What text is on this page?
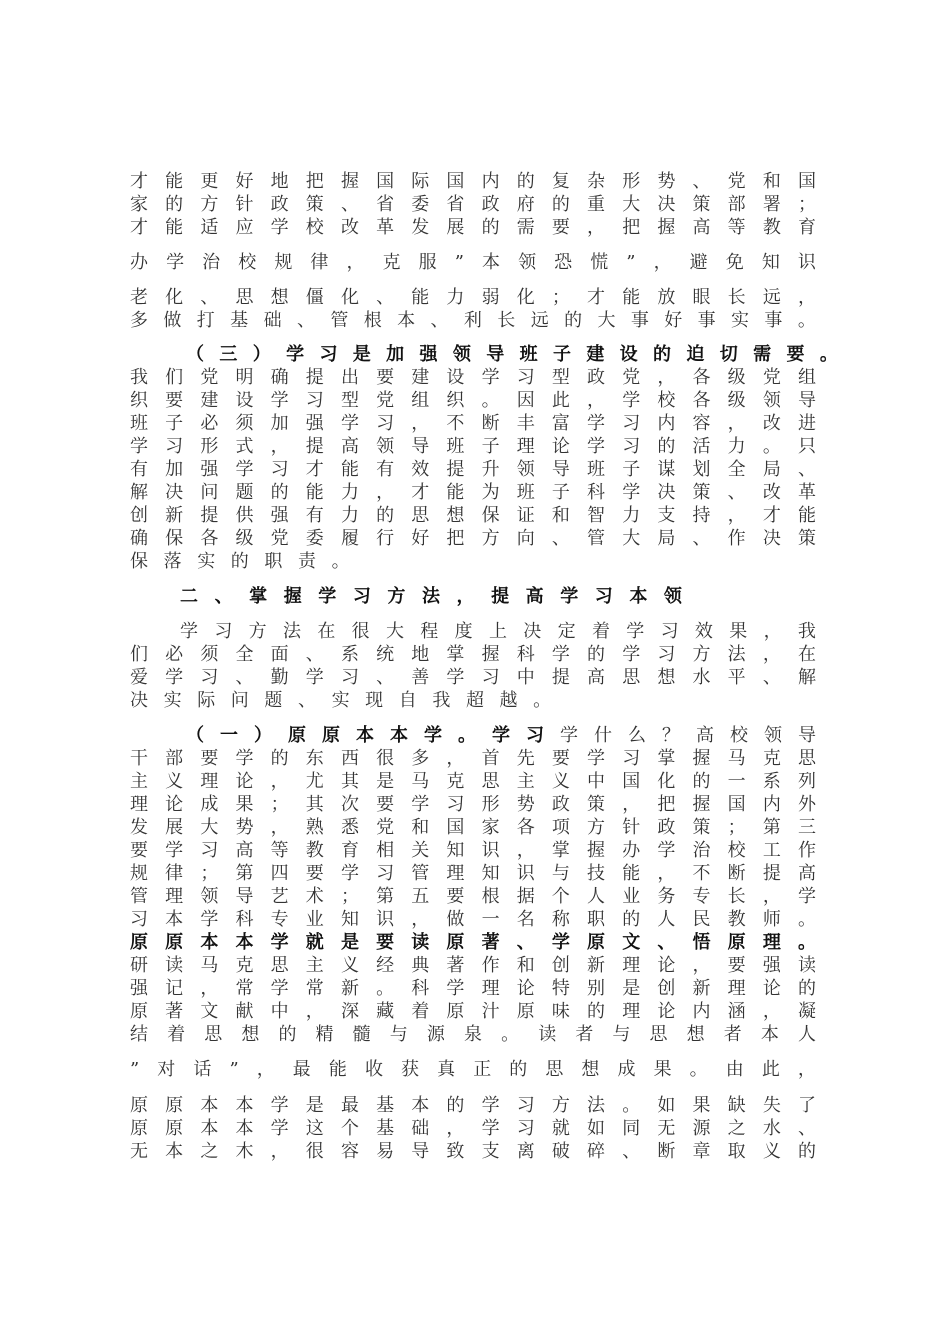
才 能 更 好 地 把 握 国 际 国 内 的 复 杂 形 势 、 党 和 国
家 的 方 针 政 策 、 省 委 省 政 府 的 重 大 决 策 部 署 ；
才 能 适 应 学 校 改 革 发 展 的 需 要 ， 把 握 高 等 教 育
办 学 治 校 规 律 ， 克 服 ” 本 领 恐 慌 ” ， 避 免 知 识
老 化 、 思 想 僵 化 、 能 力 弱 化 ； 才 能 放 眼 长 远 ，
多 做 打 基 础 、 管 根 本 、 利 长 远 的 大 事 好 事 实 事 。
（ 三 ） 学 习 是 加 强 领 导 班 子 建 设 的 迫 切 需 要 。
我 们 党 明 确 提 出 要 建 设 学 习 型 政 党 ， 各 级 党 组
织 要 建 设 学 习 型 党 组 织 。 因 此 ， 学 校 各 级 领 导
班 子 必 须 加 强 学 习 ， 不 断 丰 富 学 习 内 容 ， 改 进
学 习 形 式 ， 提 高 领 导 班 子 理 论 学 习 的 活 力 。 只
有 加 强 学 习 才 能 有 效 提 升 领 导 班 子 谋 划 全 局 、
解 决 问 题 的 能 力 ， 才 能 为 班 子 科 学 决 策 、 改 革
创 新 提 供 强 有 力 的 思 想 保 证 和 智 力 支 持 ， 才 能
确 保 各 级 党 委 履 行 好 把 方 向 、 管 大 局 、 作 决 策
保 落 实 的 职 责 。
二 、 掌 握 学 习 方 法 ， 提 高 学 习 本 领
学 习 方 法 在 很 大 程 度 上 决 定 着 学 习 效 果 ， 我
们 必 须 全 面 、 系 统 地 掌 握 科 学 的 学 习 方 法 ， 在
爱 学 习 、 勤 学 习 、 善 学 习 中 提 高 思 想 水 平 、 解
决 实 际 问 题 、 实 现 自 我 超 越 。
（ 一 ） 原 原 本 本 学 。 学 习 学 什 么 ？ 高 校 领 导
干 部 要 学 的 东 西 很 多 ， 首 先 要 学 习 掌 握 马 克 思
主 义 理 论 ， 尤 其 是 马 克 思 主 义 中 国 化 的 一 系 列
理 论 成 果 ； 其 次 要 学 习 形 势 政 策 ， 把 握 国 内 外
发 展 大 势 ， 熟 悉 党 和 国 家 各 项 方 针 政 策 ； 第 三
要 学 习 高 等 教 育 相 关 知 识 ， 掌 握 办 学 治 校 工 作
规 律 ； 第 四 要 学 习 管 理 知 识 与 技 能 ， 不 断 提 高
管 理 领 导 艺 术 ； 第 五 要 根 据 个 人 业 务 专 长 ， 学
习 本 学 科 专 业 知 识 ， 做 一 名 称 职 的 人 民 教 师 。
原 原 本 本 学 就 是 要 读 原 著 、 学 原 文 、 悟 原 理 。
研 读 马 克 思 主 义 经 典 著 作 和 创 新 理 论 ， 要 强 读
强 记 ， 常 学 常 新 。 科 学 理 论 特 别 是 创 新 理 论 的
原 著 文 献 中 ， 深 藏 着 原 汁 原 味 的 理 论 内 涵 ， 凝
结 着 思 想 的 精 髓 与 源 泉 。 读 者 与 思 想 者 本 人
” 对 话 ” ， 最 能 收 获 真 正 的 思 想 成 果 。 由 此 ，
原 原 本 本 学 是 最 基 本 的 学 习 方 法 。 如 果 缺 失 了
原 原 本 本 学 这 个 基 础 ， 学 习 就 如 同 无 源 之 水 、
无 本 之 木 ， 很 容 易 导 致 支 离 破 碎 、 断 章 取 义 的
